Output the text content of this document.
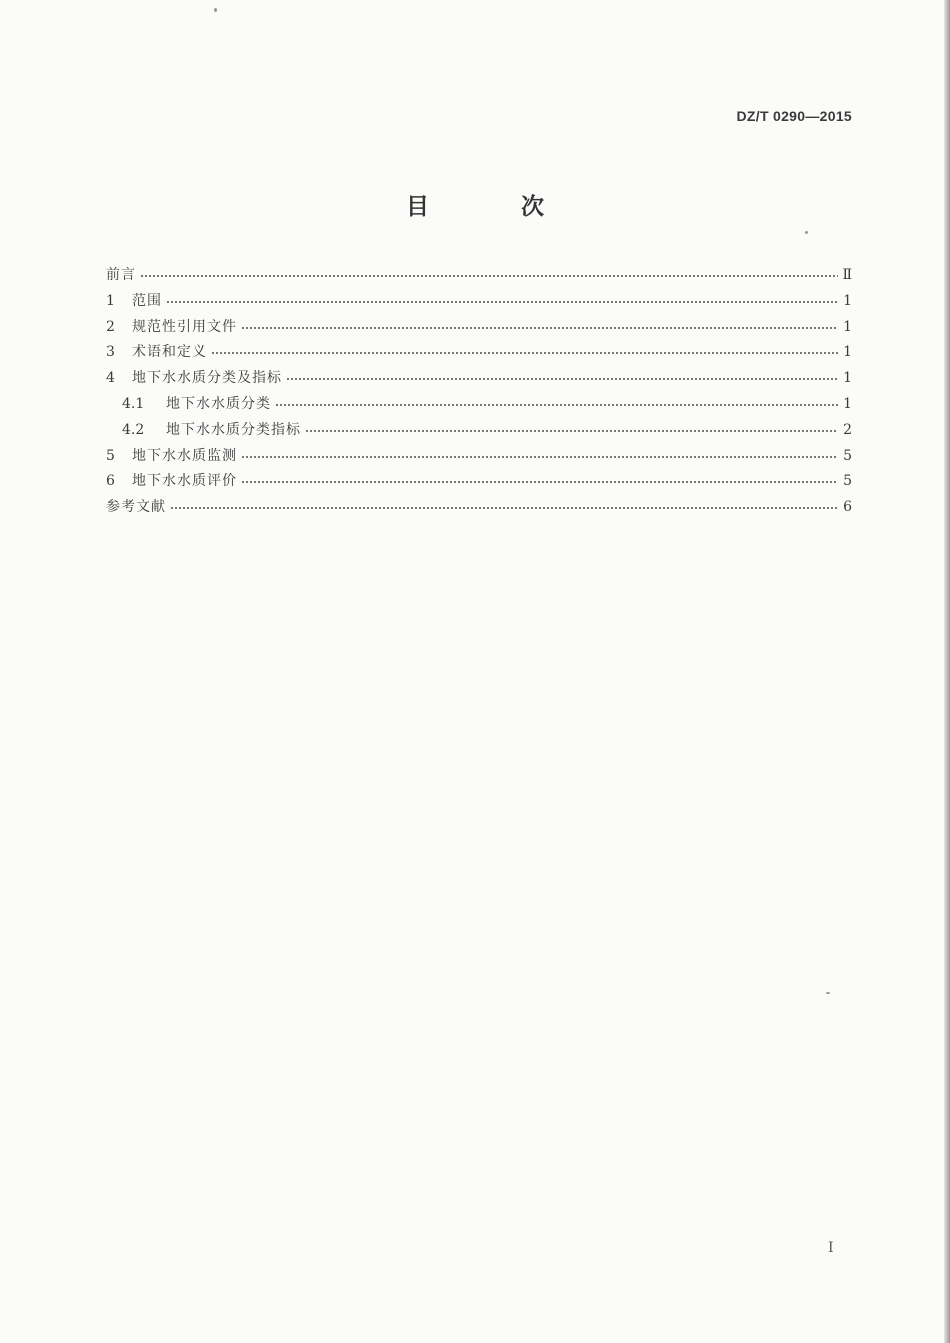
DZ/T 0290—2015
目 次
前言	Ⅱ
1	范围	1
2	规范性引用文件	1
3	术语和定义	1
4	地下水水质分类及指标	1
4.1	地下水水质分类	1
4.2	地下水水质分类指标	2
5	地下水水质监测	5
6	地下水水质评价	5
参考文献	6
Ⅰ
